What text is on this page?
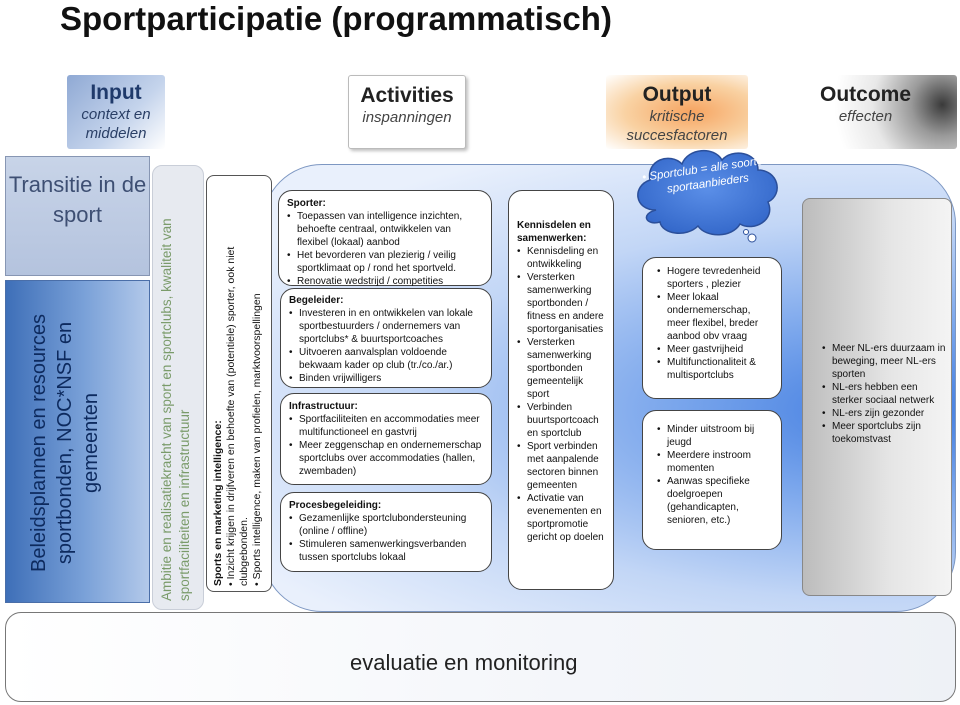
Sportparticipatie (programmatisch)
Input
context en middelen
Activities
inspanningen
Output
kritische succesfactoren
Outcome
effecten
Transitie in de sport
Beleidsplannen en resources sportbonden, NOC*NSF en gemeenten	Ambitie en realisatiekracht van sport en sportclubs, kwaliteit van sportfaciliteiten en infrastructuur Sports en marketing intelligence: • Inzicht krijgen in drijfveren en behoefte van (potentiele) sporter, ook niet clubgebonden. • Sports intelligence, maken van profielen, marktvoorspellingen
Sporter:
• Toepassen van intelligence inzichten, behoefte centraal, ontwikkelen van flexibel (lokaal) aanbod
• Het bevorderen van plezierig / veilig sportklimaat op / rond het sportveld.
• Renovatie wedstrijd / competities
Begeleider:
• Investeren in en ontwikkelen van lokale sportbestuurders / ondernemers van sportclubs* & buurtsportcoaches
• Uitvoeren aanvalsplan voldoende bekwaam kader op club (tr./co./ar.)
• Binden vrijwilligers
Infrastructuur:
• Sportfaciliteiten en accommodaties meer multifunctioneel en gastvrij
• Meer zeggenschap en ondernemerschap sportclubs over accommodaties (hallen, zwembaden)
Procesbegeleiding:
• Gezamenlijke sportclubondersteuning (online / offline)
• Stimuleren samenwerkingsverbanden tussen sportclubs lokaal
Kennisdelen en samenwerken:
• Kennisdeling en ontwikkeling
• Versterken samenwerking sportbonden / fitness en andere sportorganisaties
• Versterken samenwerking sportbonden gemeentelijk sport
• Verbinden buurtsportcoach en sportclub
• Sport verbinden met aanpalende sectoren binnen gemeenten
• Activatie van evenementen en sportpromotie gericht op doelen
• Hogere tevredenheid sporters , plezier
• Meer lokaal ondernemerschap, meer flexibel, breder aanbod obv vraag
• Meer gastvrijheid
• Multifunctionaliteit & multisportclubs
• Minder uitstroom bij jeugd
• Meerdere instroom momenten
• Aanwas specifieke doelgroepen (gehandicapten, senioren, etc.)
• Sportclub = alle soorten sportaanbieders
• Meer NL-ers duurzaam in beweging, meer NL-ers sporten
• NL-ers hebben een sterker sociaal netwerk
• NL-ers zijn gezonder
• Meer sportclubs zijn toekomstvast
evaluatie en monitoring
